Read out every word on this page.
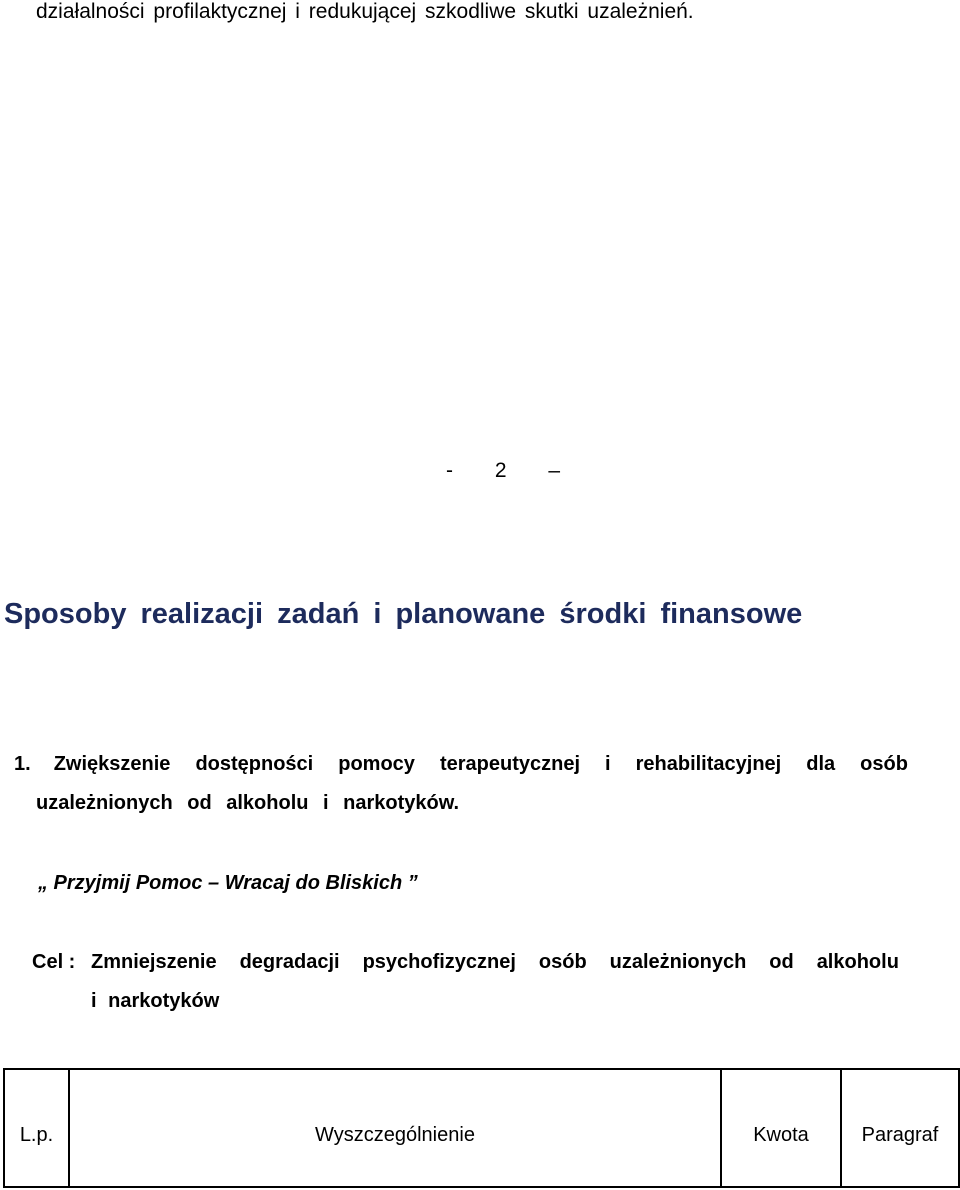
działalności profilaktycznej i redukującej szkodliwe skutki uzależnień.
- 2 –
Sposoby realizacji zadań i planowane środki finansowe
1. Zwiększenie dostępności pomocy terapeutycznej i rehabilitacyjnej dla osób
uzależnionych od alkoholu i narkotyków.
„ Przyjmij Pomoc – Wracaj do Bliskich ”
Cel : Zmniejszenie degradacji psychofizycznej osób uzależnionych od alkoholu
i narkotyków
L.p.	Wyszczególnienie	Kwota	Paragraf
